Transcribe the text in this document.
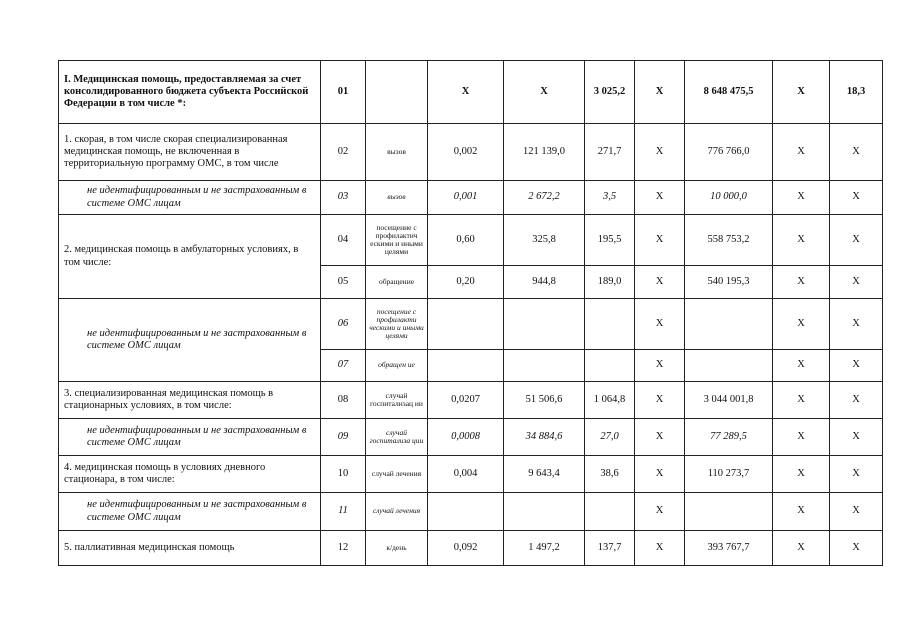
I. Медицинская помощь, предоставляемая за счет консолидированного бюджета субъекта Российской Федерации в том числе *:	01		X	X	3 025,2	X	8 648 475,5	X	18,3
1. скорая, в том числе скорая специализированная медицинская помощь, не включенная в территориальную программу ОМС, в том числе	02	вызов	0,002	121 139,0	271,7	X	776 766,0	X	X
не идентифицированным и не застрахованным в системе ОМС лицам	03	вызов	0,001	2 672,2	3,5	X	10 000,0	X	X
2. медицинская помощь в амбулаторных условиях, в том числе:	04	посещение с профилактич ескими и иными целями	0,60	325,8	195,5	X	558 753,2	X	X
	05	обращение	0,20	944,8	189,0	X	540 195,3	X	X
не идентифицированным и не застрахованным в системе ОМС лицам	06	посещение с профилакти ческими и иными целями				X		X	X
	07	обращен ие				X		X	X
3. специализированная медицинская помощь в стационарных условиях, в том числе:	08	случай госпитализац ии	0,0207	51 506,6	1 064,8	X	3 044 001,8	X	X
не идентифицированным и не застрахованным в системе ОМС лицам	09	случай госпитализа ции	0,0008	34 884,6	27,0	X	77 289,5	X	X
4. медицинская помощь в условиях дневного стационара, в том числе:	10	случай лечения	0,004	9 643,4	38,6	X	110 273,7	X	X
не идентифицированным и не застрахованным в системе ОМС лицам	11	случай лечения				X		X	X
5. паллиативная медицинская помощь	12	к/день	0,092	1 497,2	137,7	X	393 767,7	X	X
